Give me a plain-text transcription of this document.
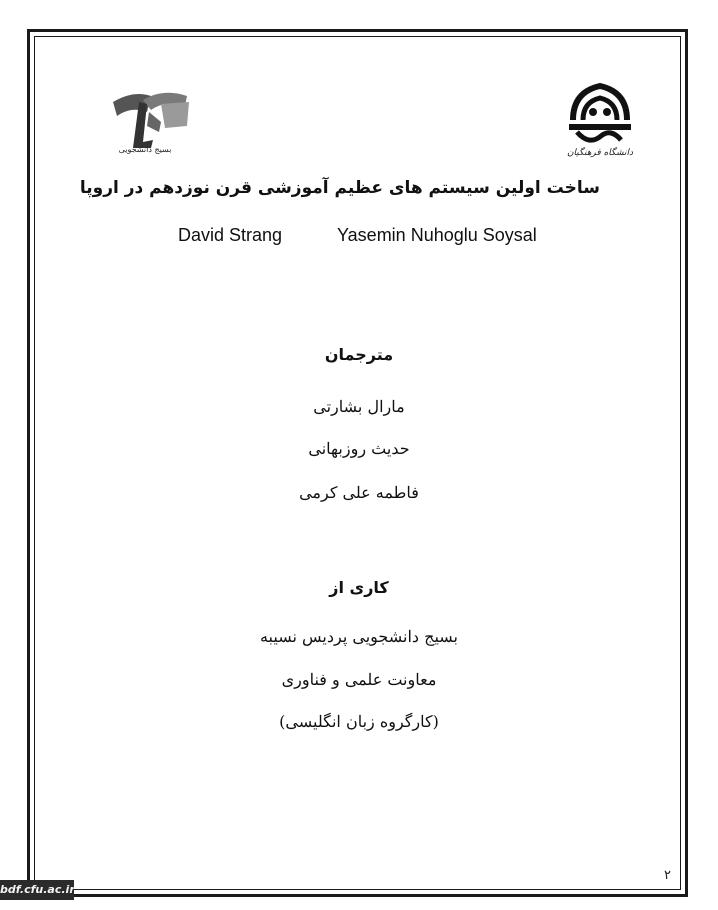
بسیج دانشجویی	دانشگاه فرهنگیان
ساخت اولین سیستم های عظیم آموزشی قرن نوزدهم در اروپا
David Strang	Yasemin Nuhoglu Soysal
مترجمان
مارال بشارتی
حدیث روزبهانی
فاطمه علی کرمی
کاری از
بسیج دانشجویی پردیس نسیبه
معاونت علمی و فناوری
(کارگروه زبان انگلیسی)
۲
bdf.cfu.ac.ir
